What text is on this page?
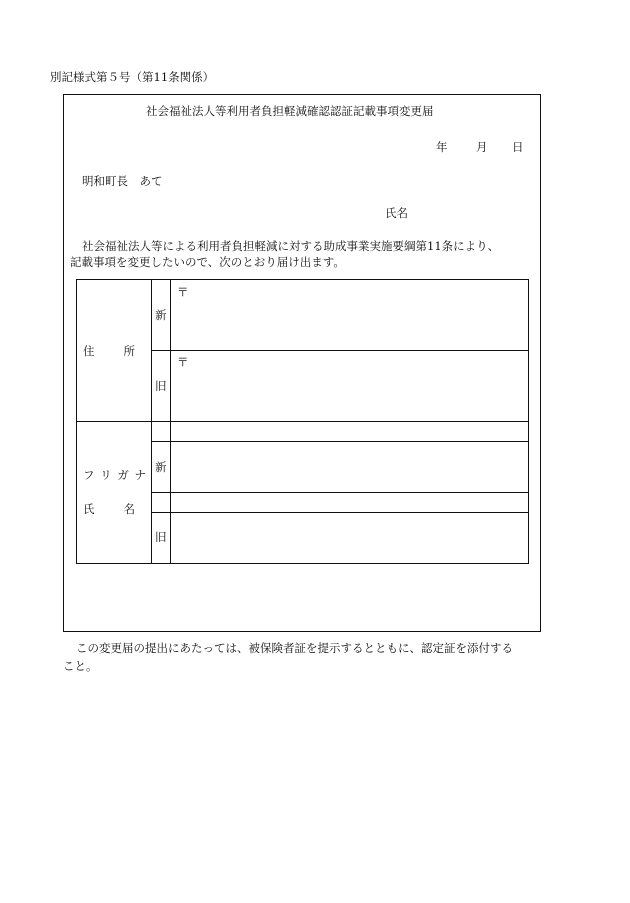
別記様式第５号（第11条関係）
社会福祉法人等利用者負担軽減確認認証記載事項変更届
年 月 日
明和町長　あて
氏名
社会福祉法人等による利用者負担軽減に対する助成事業実施要綱第11条により、
記載事項を変更したいので、次のとおり届け出ます。
住　　所
新
旧
〒
〒
フ リ ガ ナ
氏　　名
新
旧
この変更届の提出にあたっては、被保険者証を提示するとともに、認定証を添付する
こと。
